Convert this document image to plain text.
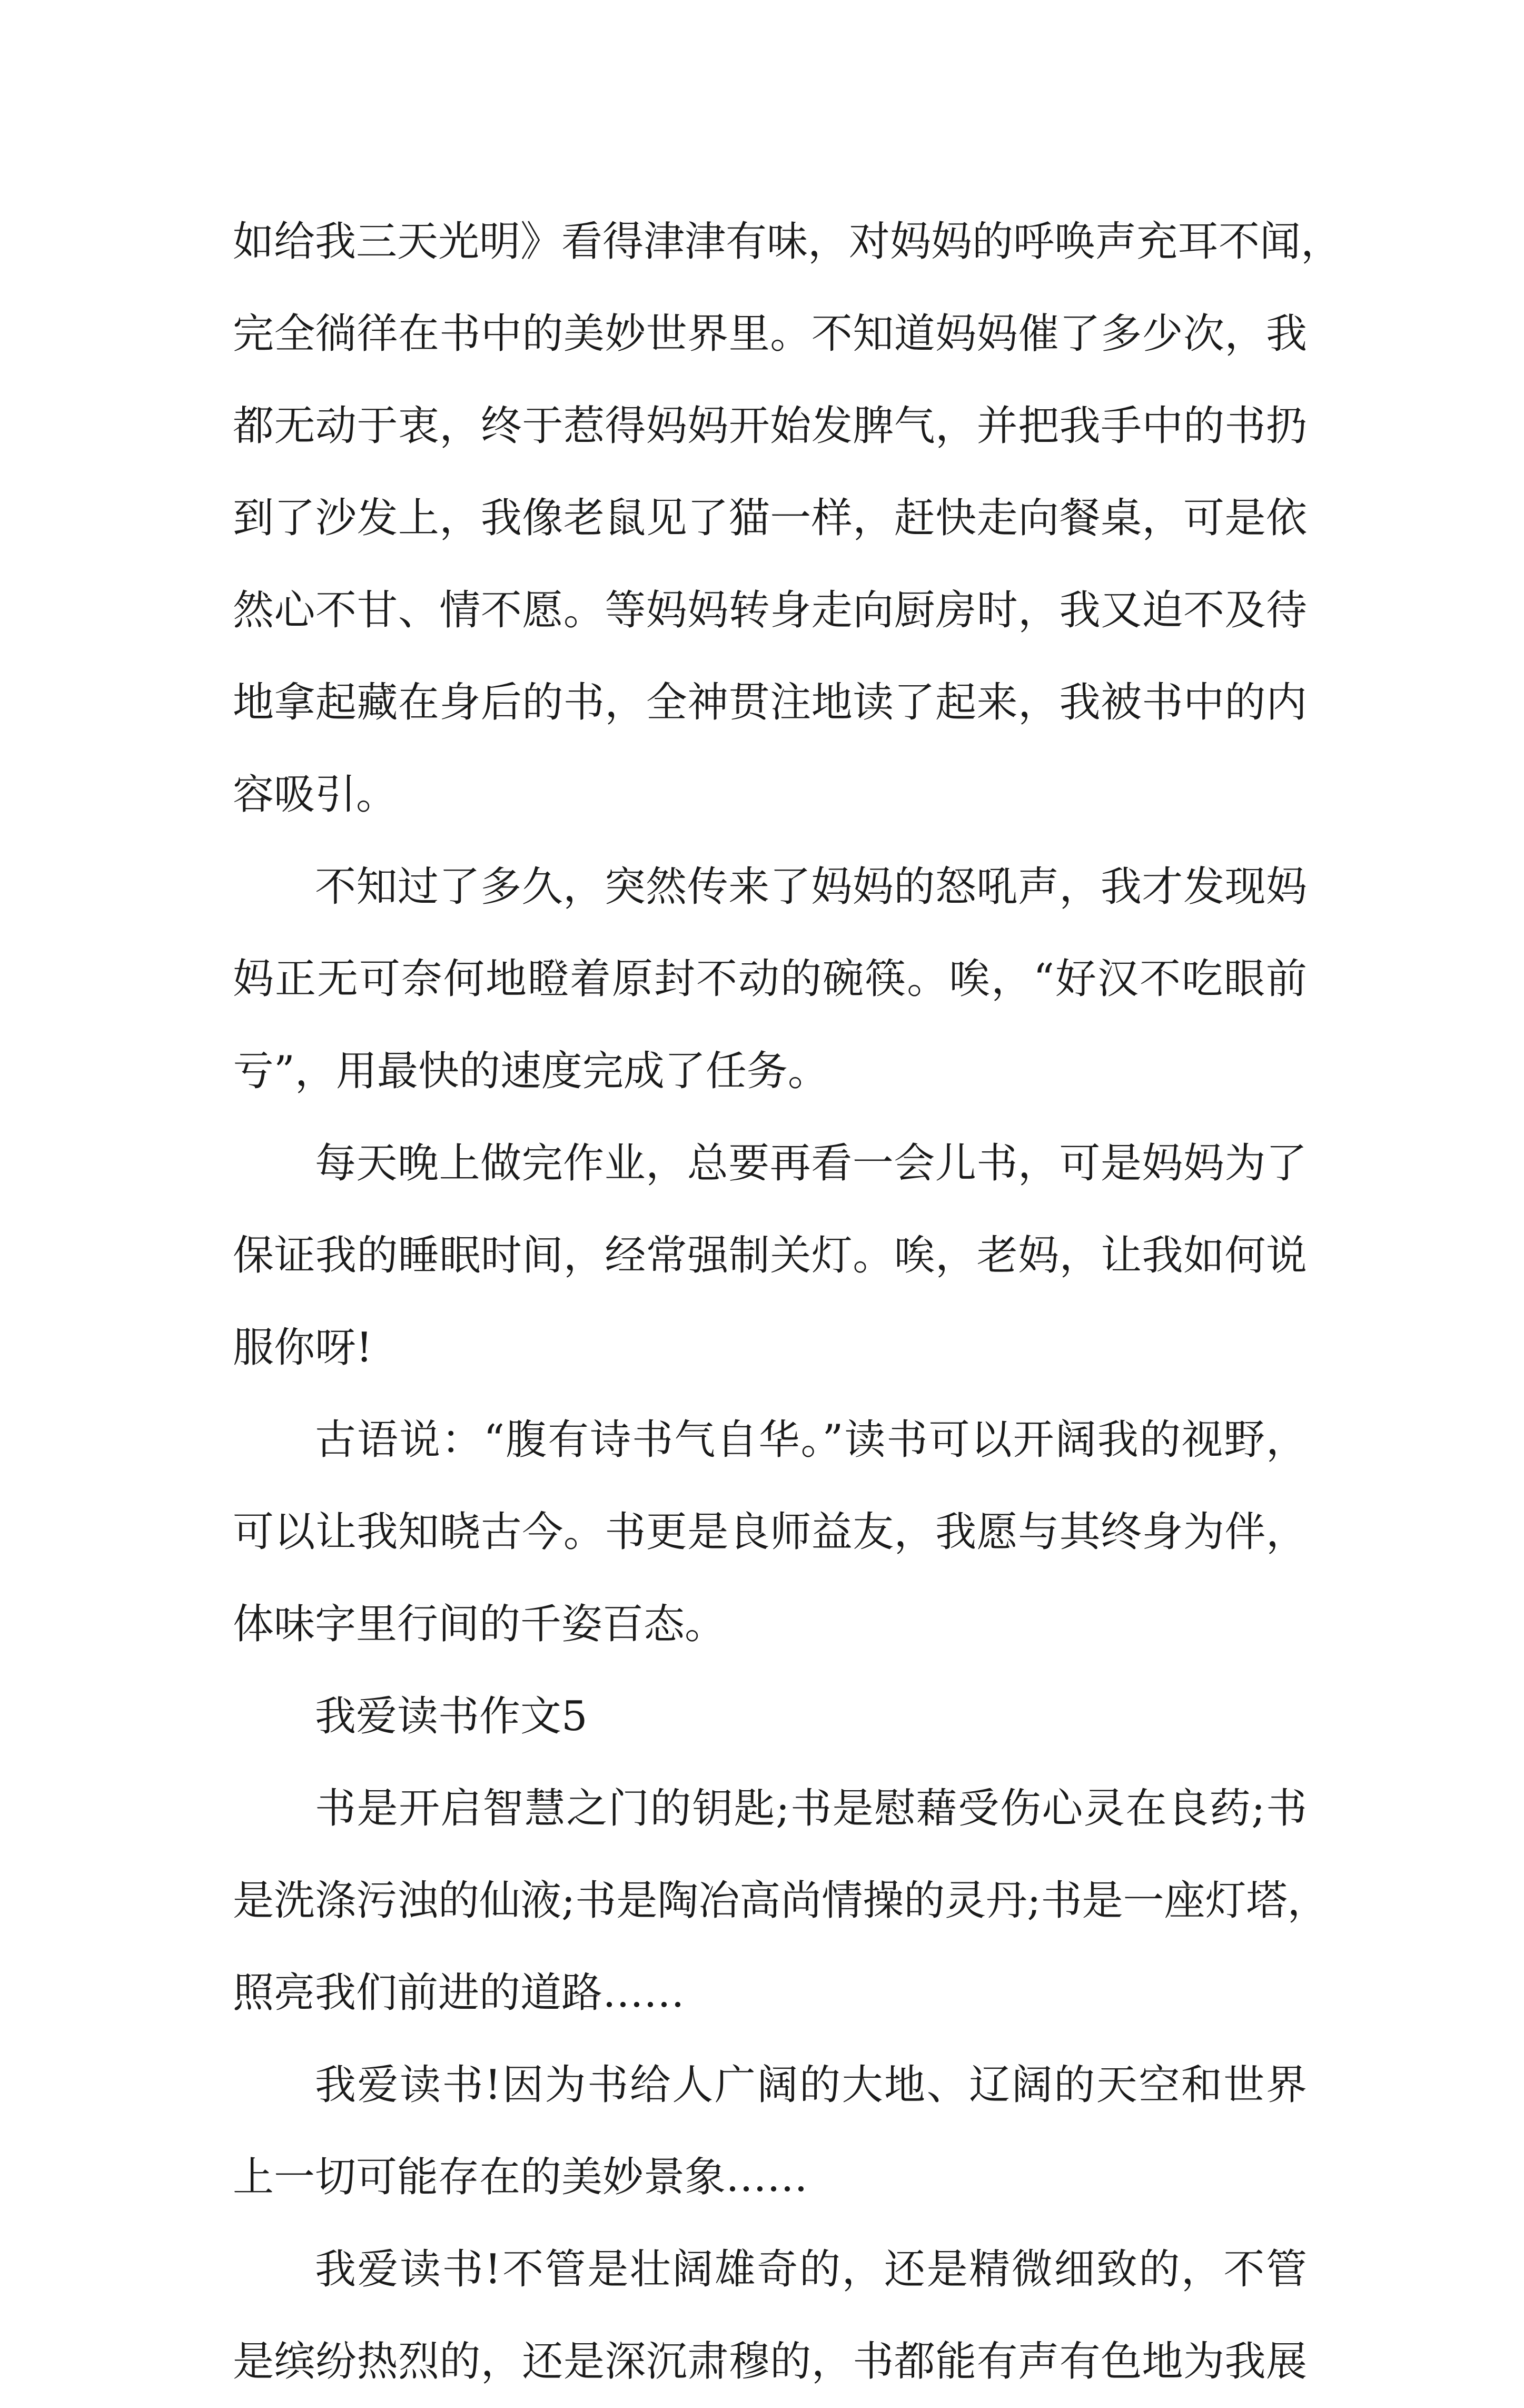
如给我三天光明》看得津津有味，对妈妈的呼唤声充耳不闻，
完全徜徉在书中的美妙世界里。不知道妈妈催了多少次，我
都无动于衷，终于惹得妈妈开始发脾气，并把我手中的书扔
到了沙发上，我像老鼠见了猫一样，赶快走向餐桌，可是依
然心不甘、情不愿。等妈妈转身走向厨房时，我又迫不及待
地拿起藏在身后的书，全神贯注地读了起来，我被书中的内
容吸引。
不知过了多久，突然传来了妈妈的怒吼声，我才发现妈
妈正无可奈何地瞪着原封不动的碗筷。唉，“好汉不吃眼前
亏”，用最快的速度完成了任务。
每天晚上做完作业，总要再看一会儿书，可是妈妈为了
保证我的睡眠时间，经常强制关灯。唉，老妈，让我如何说
服你呀!
古语说：“腹有诗书气自华。”读书可以开阔我的视野，
可以让我知晓古今。书更是良师益友，我愿与其终身为伴，
体味字里行间的千姿百态。
我爱读书作文5
书是开启智慧之门的钥匙;书是慰藉受伤心灵在良药;书
是洗涤污浊的仙液;书是陶冶高尚情操的灵丹;书是一座灯塔，
照亮我们前进的道路……
我爱读书!因为书给人广阔的大地、辽阔的天空和世界
上一切可能存在的美妙景象……
我爱读书!不管是壮阔雄奇的，还是精微细致的，不管
是缤纷热烈的，还是深沉肃穆的，书都能有声有色地为我展
